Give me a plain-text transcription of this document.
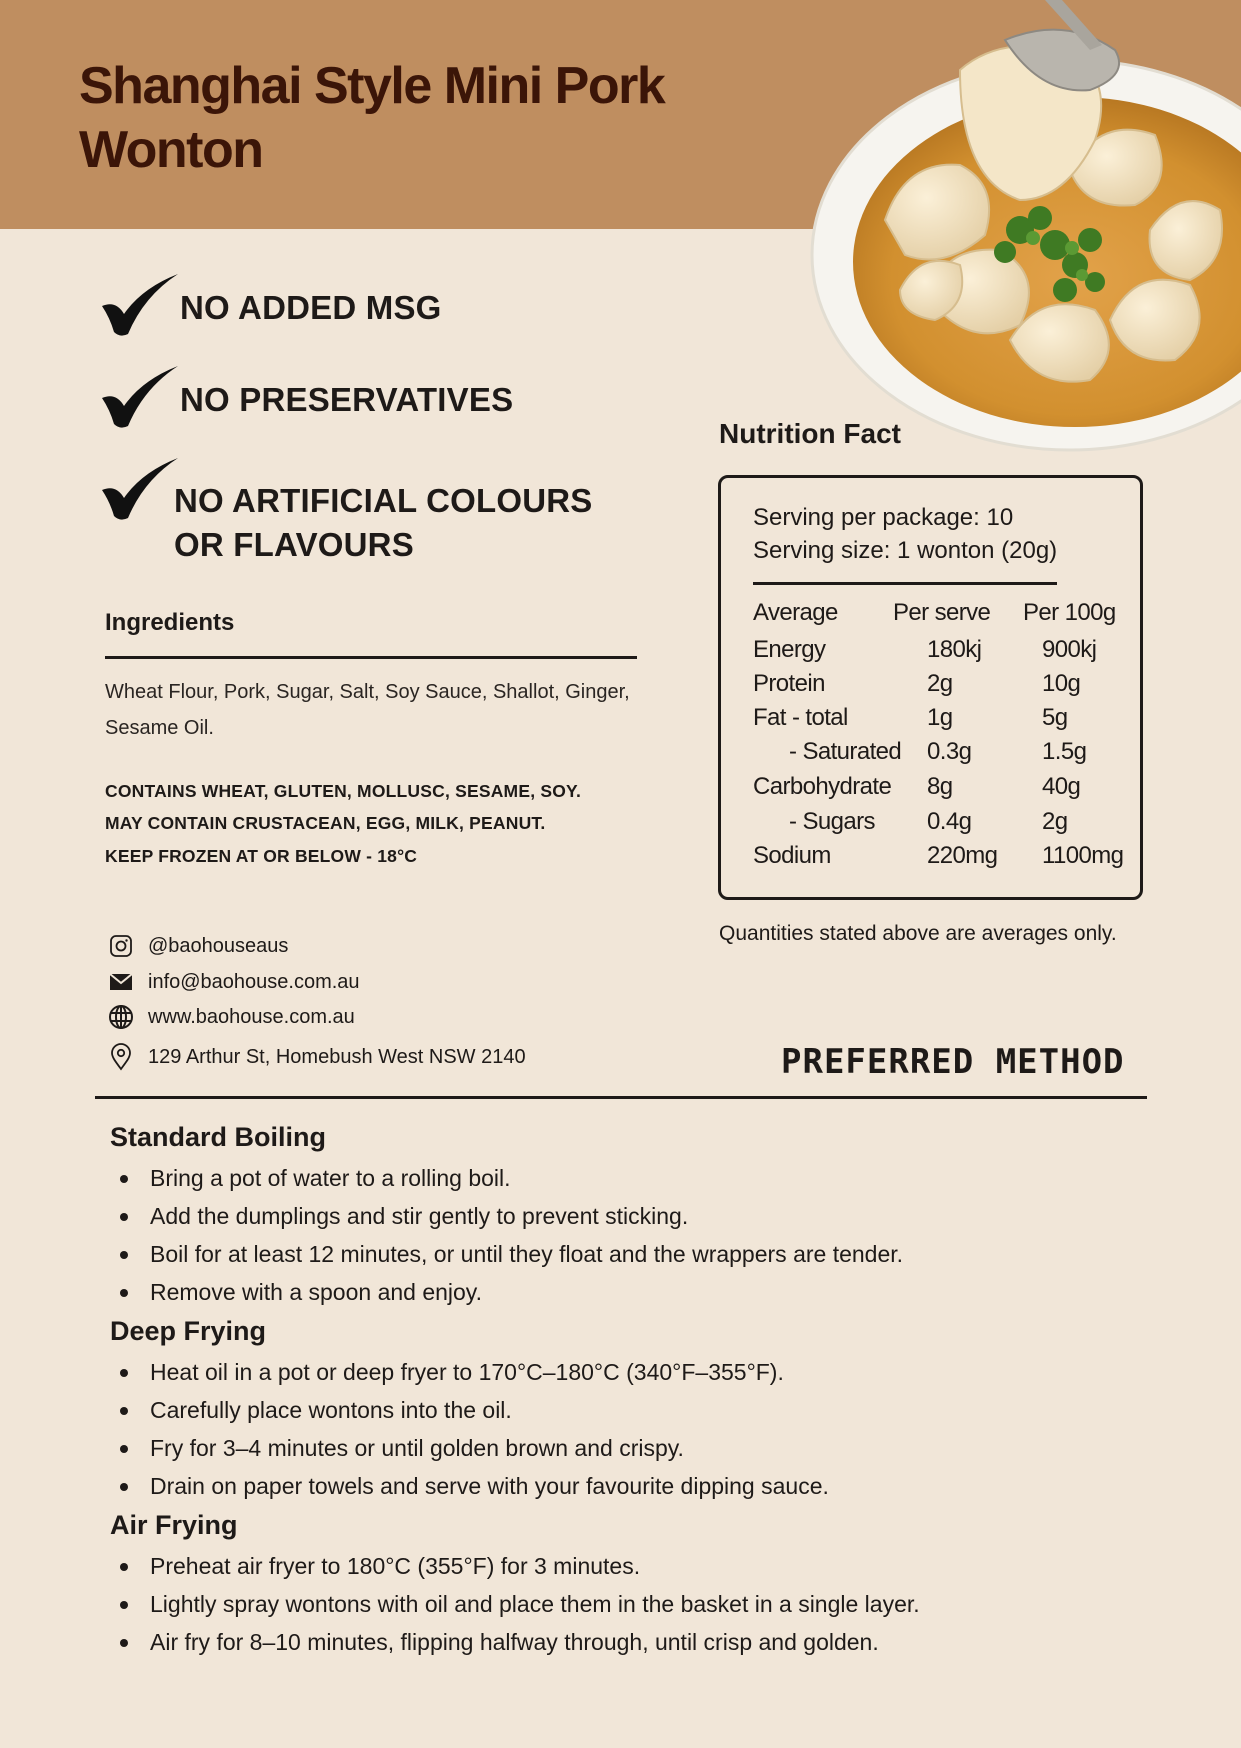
Shanghai Style Mini Pork
Wonton
NO ADDED MSG
NO PRESERVATIVES
NO ARTIFICIAL COLOURS
OR FLAVOURS
Ingredients
Wheat Flour, Pork, Sugar, Salt, Soy Sauce, Shallot, Ginger, Sesame Oil.
CONTAINS WHEAT, GLUTEN, MOLLUSC, SESAME, SOY.
MAY CONTAIN CRUSTACEAN, EGG, MILK, PEANUT.
KEEP FROZEN AT OR BELOW - 18°C
@baohouseaus
info@baohouse.com.au
www.baohouse.com.au
129 Arthur St, Homebush West NSW 2140
Nutrition Fact
Serving per package: 10
Serving size: 1 wonton (20g)
Average Per serve Per 100g
Energy	180kj	900kj
Protein	2g	10g
Fat - total	1g	5g
- Saturated 0.3g	1.5g
Carbohydrate 8g	40g
- Sugars 0.4g	2g
Sodium	220mg 1100mg
Quantities stated above are averages only.
PREFERRED METHOD
Standard Boiling
Bring a pot of water to a rolling boil.
Add the dumplings and stir gently to prevent sticking.
Boil for at least 12 minutes, or until they float and the wrappers are tender.
Remove with a spoon and enjoy.
Deep Frying
Heat oil in a pot or deep fryer to 170°C–180°C (340°F–355°F).
Carefully place wontons into the oil.
Fry for 3–4 minutes or until golden brown and crispy.
Drain on paper towels and serve with your favourite dipping sauce.
Air Frying
Preheat air fryer to 180°C (355°F) for 3 minutes.
Lightly spray wontons with oil and place them in the basket in a single layer.
Air fry for 8–10 minutes, flipping halfway through, until crisp and golden.
